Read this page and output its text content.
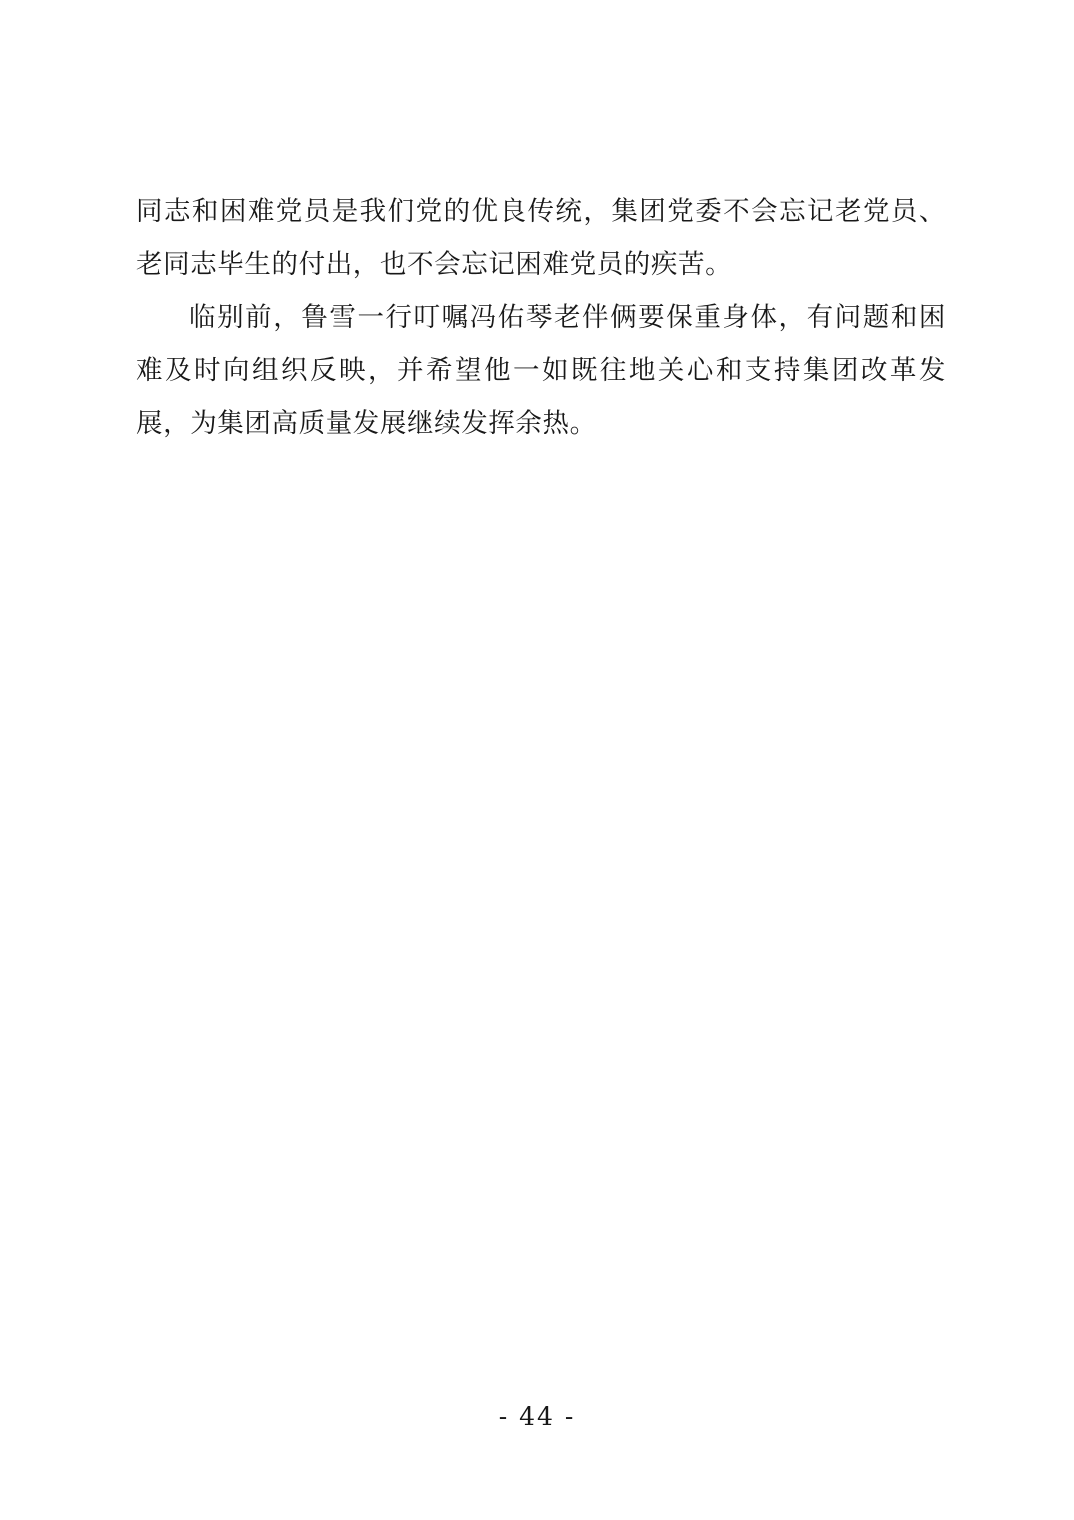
同志和困难党员是我们党的优良传统，集团党委不会忘记老党员、老同志毕生的付出，也不会忘记困难党员的疾苦。

临别前，鲁雪一行叮嘱冯佑琴老伴俩要保重身体，有问题和困难及时向组织反映，并希望他一如既往地关心和支持集团改革发展，为集团高质量发展继续发挥余热。

- 44 -
